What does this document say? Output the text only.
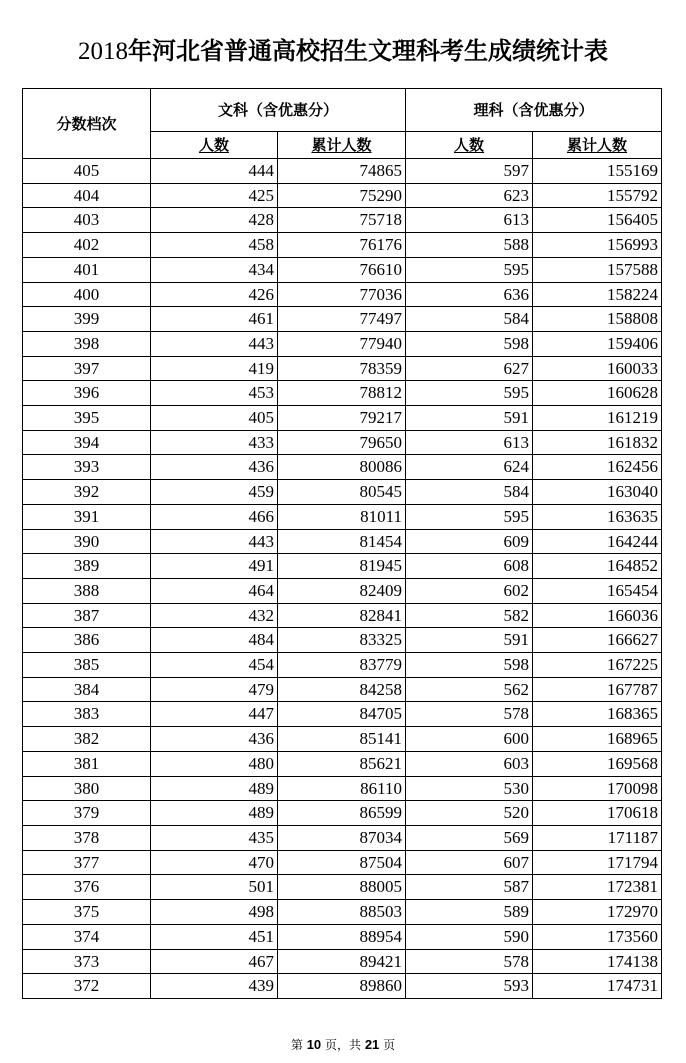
2018年河北省普通高校招生文理科考生成绩统计表
分数档次	文科（含优惠分）		理科（含优惠分）	
	人数	累计人数	人数	累计人数
405	444	74865	597	155169
404	425	75290	623	155792
403	428	75718	613	156405
402	458	76176	588	156993
401	434	76610	595	157588
400	426	77036	636	158224
399	461	77497	584	158808
398	443	77940	598	159406
397	419	78359	627	160033
396	453	78812	595	160628
395	405	79217	591	161219
394	433	79650	613	161832
393	436	80086	624	162456
392	459	80545	584	163040
391	466	81011	595	163635
390	443	81454	609	164244
389	491	81945	608	164852
388	464	82409	602	165454
387	432	82841	582	166036
386	484	83325	591	166627
385	454	83779	598	167225
384	479	84258	562	167787
383	447	84705	578	168365
382	436	85141	600	168965
381	480	85621	603	169568
380	489	86110	530	170098
379	489	86599	520	170618
378	435	87034	569	171187
377	470	87504	607	171794
376	501	88005	587	172381
375	498	88503	589	172970
374	451	88954	590	173560
373	467	89421	578	174138
372	439	89860	593	174731
第 10 页，共 21 页
